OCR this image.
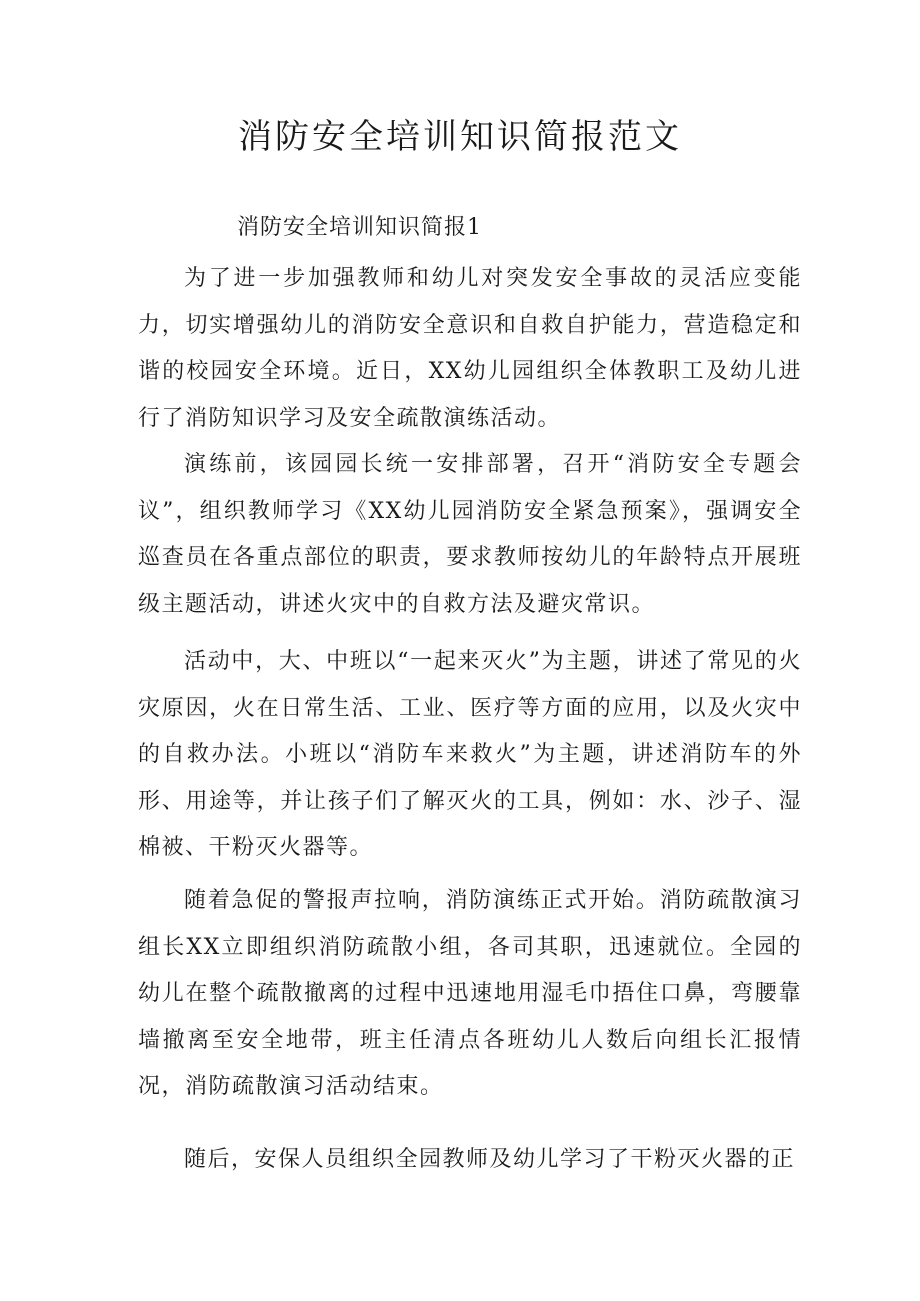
消防安全培训知识简报范文

消防安全培训知识简报1

为了进一步加强教师和幼儿对突发安全事故的灵活应变能力，切实增强幼儿的消防安全意识和自救自护能力，营造稳定和谐的校园安全环境。近日，XX幼儿园组织全体教职工及幼儿进行了消防知识学习及安全疏散演练活动。

演练前，该园园长统一安排部署，召开“消防安全专题会议”，组织教师学习《XX幼儿园消防安全紧急预案》，强调安全巡查员在各重点部位的职责，要求教师按幼儿的年龄特点开展班级主题活动，讲述火灾中的自救方法及避灾常识。

活动中，大、中班以“一起来灭火”为主题，讲述了常见的火灾原因，火在日常生活、工业、医疗等方面的应用，以及火灾中的自救办法。小班以“消防车来救火”为主题，讲述消防车的外形、用途等，并让孩子们了解灭火的工具，例如：水、沙子、湿棉被、干粉灭火器等。

随着急促的警报声拉响，消防演练正式开始。消防疏散演习组长XX立即组织消防疏散小组，各司其职，迅速就位。全园的幼儿在整个疏散撤离的过程中迅速地用湿毛巾捂住口鼻，弯腰靠墙撤离至安全地带，班主任清点各班幼儿人数后向组长汇报情况，消防疏散演习活动结束。

随后，安保人员组织全园教师及幼儿学习了干粉灭火器的正
